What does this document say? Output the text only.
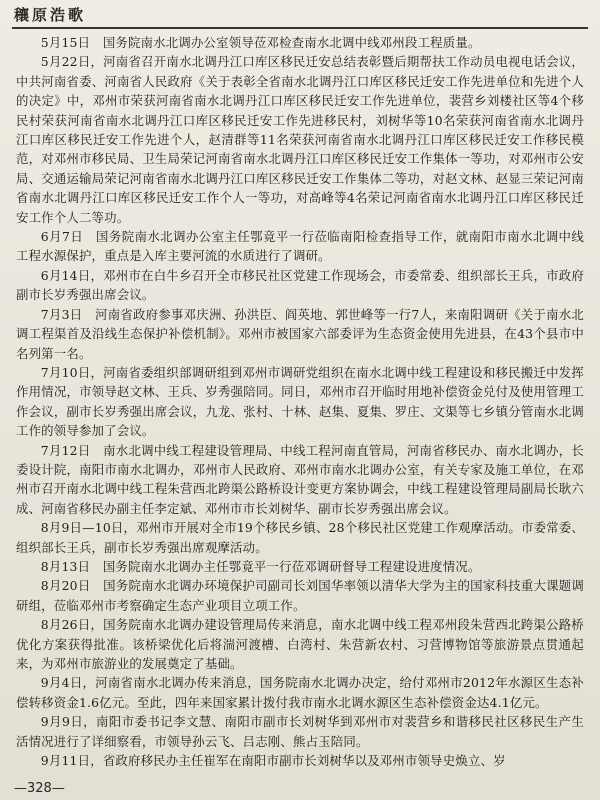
穰原浩歌

5月15日　国务院南水北调办公室领导莅邓检查南水北调中线邓州段工程质量。

5月22日，河南省召开南水北调丹江口库区移民迁安总结表彰暨后期帮扶工作动员电视电话会议，中共河南省委、河南省人民政府《关于表彰全省南水北调丹江口库区移民迁安工作先进单位和先进个人的决定》中，邓州市荣获河南省南水北调丹江口库区移民迁安工作先进单位，裴营乡刘楼社区等4个移民村荣获河南省南水北调丹江口库区移民迁安工作先进移民村，刘树华等10名荣获河南省南水北调丹江口库区移民迁安工作先进个人，赵清群等11名荣获河南省南水北调丹江口库区移民迁安工作移民模范，对邓州市移民局、卫生局荣记河南省南水北调丹江口库区移民迁安工作集体一等功，对邓州市公安局、交通运输局荣记河南省南水北调丹江口库区移民迁安工作集体二等功，对赵文林、赵显三荣记河南省南水北调丹江口库区移民迁安工作个人一等功，对高峰等4名荣记河南省南水北调丹江口库区移民迁安工作个人二等功。

6月7日　国务院南水北调办公室主任鄂竟平一行莅临南阳检查指导工作，就南阳市南水北调中线工程水源保护，重点是入库主要河流的水质进行了调研。

6月14日，邓州市在白牛乡召开全市移民社区党建工作现场会，市委常委、组织部长王兵，市政府副市长岁秀强出席会议。

7月3日　河南省政府参事邓庆洲、孙洪臣、阎英地、郭世峰等一行7人，来南阳调研《关于南水北调工程渠首及沿线生态保护补偿机制》。邓州市被国家六部委评为生态资金使用先进县，在43个县市中名列第一名。

7月10日，河南省委组织部调研组到邓州市调研党组织在南水北调中线工程建设和移民搬迁中发挥作用情况，市领导赵文林、王兵、岁秀强陪同。同日，邓州市召开临时用地补偿资金兑付及使用管理工作会议，副市长岁秀强出席会议，九龙、张村、十林、赵集、夏集、罗庄、文渠等七乡镇分管南水北调工作的领导参加了会议。

7月12日　南水北调中线工程建设管理局、中线工程河南直管局，河南省移民办、南水北调办，长委设计院，南阳市南水北调办，邓州市人民政府、邓州市南水北调办公室，有关专家及施工单位，在邓州市召开南水北调中线工程朱营西北跨渠公路桥设计变更方案协调会，中线工程建设管理局副局长耿六成、河南省移民办副主任李定斌、邓州市市长刘树华、副市长岁秀强出席会议。

8月9日—10日，邓州市开展对全市19个移民乡镇、28个移民社区党建工作观摩活动。市委常委、组织部长王兵，副市长岁秀强出席观摩活动。

8月13日　国务院南水北调办主任鄂竟平一行莅邓调研督导工程建设进度情况。

8月20日　国务院南水北调办环境保护司副司长刘国华率领以清华大学为主的国家科技重大课题调研组，莅临邓州市考察确定生态产业项目立项工作。

8月26日，国务院南水北调办建设管理局传来消息，南水北调中线工程邓州段朱营西北跨渠公路桥优化方案获得批准。该桥梁优化后将湍河渡槽、白湾村、朱营新农村、习营博物馆等旅游景点贯通起来，为邓州市旅游业的发展奠定了基础。

9月4日，河南省南水北调办传来消息，国务院南水北调办决定，给付邓州市2012年水源区生态补偿转移资金1.6亿元。至此，四年来国家累计拨付我市南水北调水源区生态补偿资金达4.1亿元。

9月9日，南阳市委书记李文慧、南阳市副市长刘树华到邓州市对裴营乡和谐移民社区移民生产生活情况进行了详细察看，市领导孙云飞、吕志刚、熊占玉陪同。

9月11日，省政府移民办主任崔军在南阳市副市长刘树华以及邓州市领导史焕立、岁

—328—
